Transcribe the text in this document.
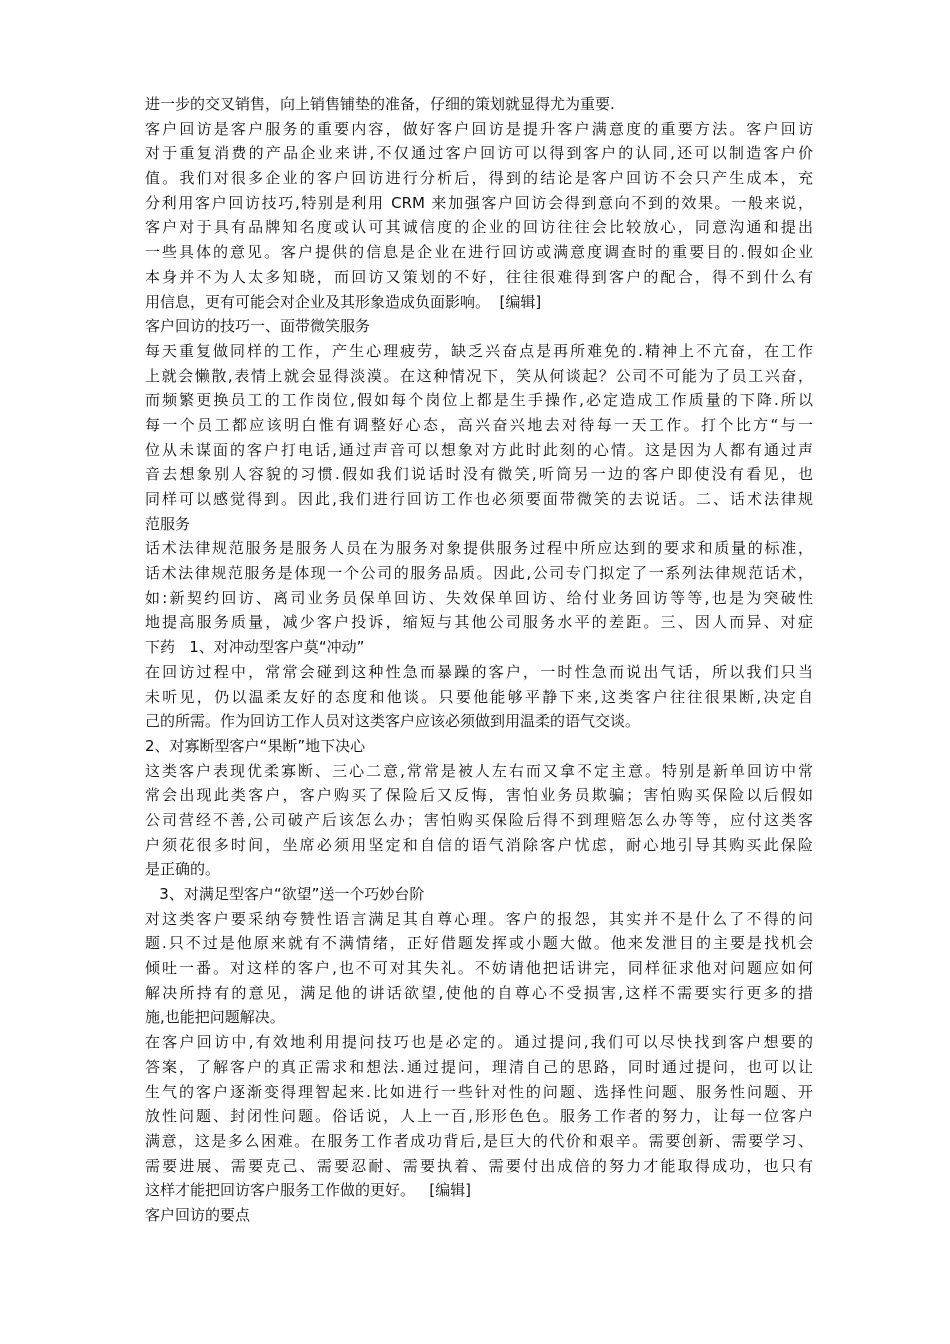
进一步的交叉销售，向上销售铺垫的准备，仔细的策划就显得尤为重要.
客户回访是客户服务的重要内容，做好客户回访是提升客户满意度的重要方法。客户回访
对于重复消费的产品企业来讲,不仅通过客户回访可以得到客户的认同,还可以制造客户价
值。我们对很多企业的客户回访进行分析后，得到的结论是客户回访不会只产生成本，充
分利用客户回访技巧,特别是利用 CRM 来加强客户回访会得到意向不到的效果。一般来说，
客户对于具有品牌知名度或认可其诚信度的企业的回访往往会比较放心，同意沟通和提出
一些具体的意见。客户提供的信息是企业在进行回访或满意度调查时的重要目的.假如企业
本身并不为人太多知晓，而回访又策划的不好，往往很难得到客户的配合，得不到什么有
用信息，更有可能会对企业及其形象造成负面影响。  [编辑]
客户回访的技巧一、面带微笑服务
每天重复做同样的工作，产生心理疲劳，缺乏兴奋点是再所难免的.精神上不亢奋，在工作
上就会懒散,表情上就会显得淡漠。在这种情况下，笑从何谈起？公司不可能为了员工兴奋，
而频繁更换员工的工作岗位,假如每个岗位上都是生手操作,必定造成工作质量的下降.所以
每一个员工都应该明白惟有调整好心态，高兴奋兴地去对待每一天工作。打个比方“与一
位从未谋面的客户打电话,通过声音可以想象对方此时此刻的心情。这是因为人都有通过声
音去想象别人容貌的习惯.假如我们说话时没有微笑,听筒另一边的客户即使没有看见，也
同样可以感觉得到。因此,我们进行回访工作也必须要面带微笑的去说话。二、话术法律规
范服务
话术法律规范服务是服务人员在为服务对象提供服务过程中所应达到的要求和质量的标准，
话术法律规范服务是体现一个公司的服务品质。因此,公司专门拟定了一系列法律规范话术，
如:新契约回访、离司业务员保单回访、失效保单回访、给付业务回访等等,也是为突破性
地提高服务质量，减少客户投诉，缩短与其他公司服务水平的差距。三、因人而异、对症
下药   1、对冲动型客户莫“冲动”
在回访过程中，常常会碰到这种性急而暴躁的客户，一时性急而说出气话，所以我们只当
未听见，仍以温柔友好的态度和他谈。只要他能够平静下来,这类客户往往很果断,决定自
己的所需。作为回访工作人员对这类客户应该必须做到用温柔的语气交谈。
2、对寡断型客户“果断”地下决心
这类客户表现优柔寡断、三心二意,常常是被人左右而又拿不定主意。特别是新单回访中常
常会出现此类客户，客户购买了保险后又反悔，害怕业务员欺骗；害怕购买保险以后假如
公司营经不善,公司破产后该怎么办；害怕购买保险后得不到理赔怎么办等等，应付这类客
户须花很多时间，坐席必须用坚定和自信的语气消除客户忧虑，耐心地引导其购买此保险
是正确的。
3、对满足型客户“欲望”送一个巧妙台阶
对这类客户要采纳夸赞性语言满足其自尊心理。客户的报怨，其实并不是什么了不得的问
题.只不过是他原来就有不满情绪，正好借题发挥或小题大做。他来发泄目的主要是找机会
倾吐一番。对这样的客户,也不可对其失礼。不妨请他把话讲完，同样征求他对问题应如何
解决所持有的意见，满足他的讲话欲望,使他的自尊心不受损害,这样不需要实行更多的措
施,也能把问题解决。
在客户回访中,有效地利用提问技巧也是必定的。通过提问,我们可以尽快找到客户想要的
答案，了解客户的真正需求和想法.通过提问，理清自己的思路，同时通过提问，也可以让
生气的客户逐渐变得理智起来.比如进行一些针对性的问题、选择性问题、服务性问题、开
放性问题、封闭性问题。俗话说，人上一百,形形色色。服务工作者的努力，让每一位客户
满意，这是多么困难。在服务工作者成功背后,是巨大的代价和艰辛。需要创新、需要学习、
需要进展、需要克己、需要忍耐、需要执着、需要付出成倍的努力才能取得成功，也只有
这样才能把回访客户服务工作做的更好。   [编辑]
客户回访的要点
